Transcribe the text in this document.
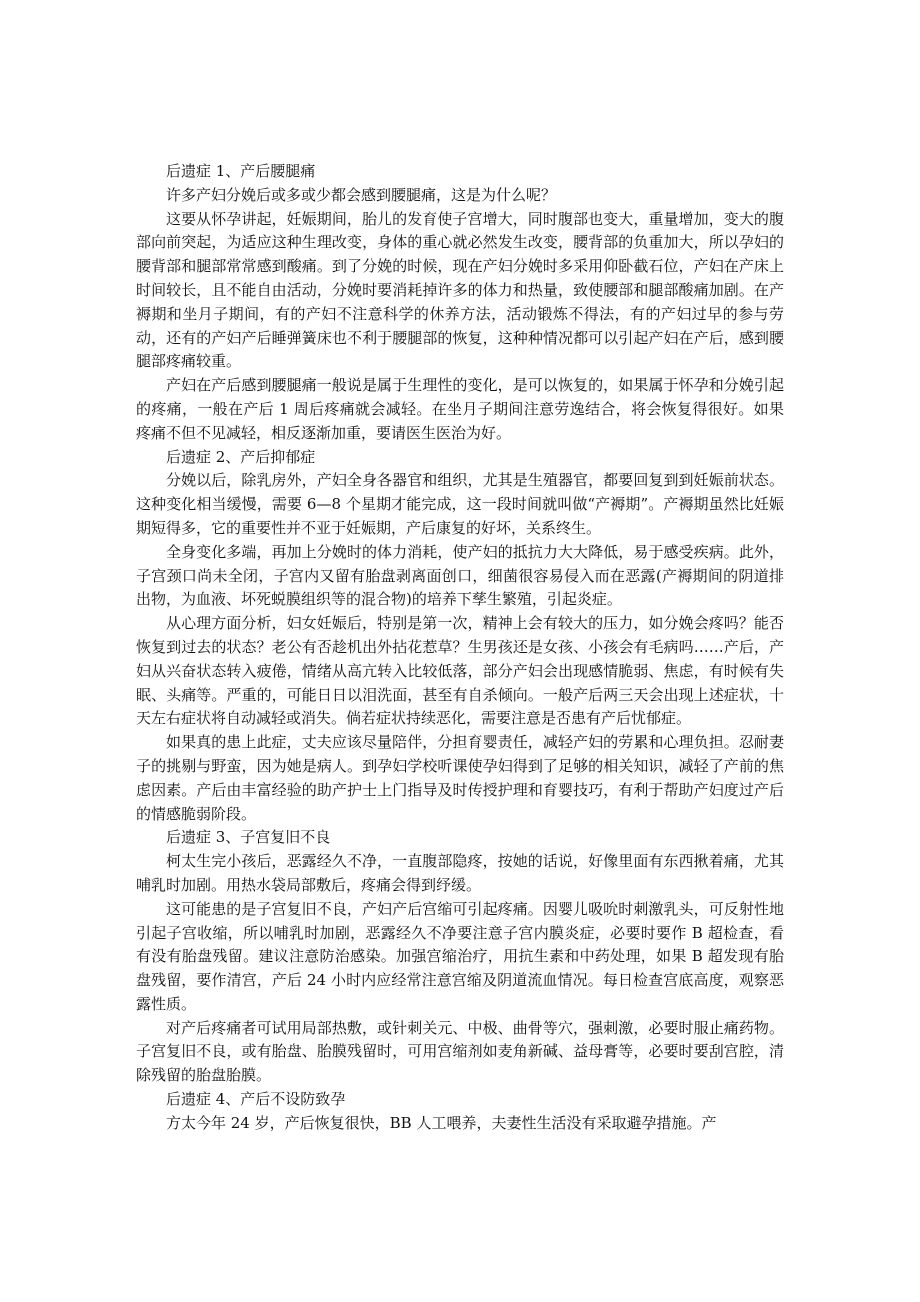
后遗症 1、产后腰腿痛

许多产妇分娩后或多或少都会感到腰腿痛，这是为什么呢？

这要从怀孕讲起，妊娠期间，胎儿的发育使子宫增大，同时腹部也变大，重量增加，变大的腹部向前突起，为适应这种生理改变，身体的重心就必然发生改变，腰背部的负重加大，所以孕妇的腰背部和腿部常常感到酸痛。到了分娩的时候，现在产妇分娩时多采用仰卧截石位，产妇在产床上时间较长，且不能自由活动，分娩时要消耗掉许多的体力和热量，致使腰部和腿部酸痛加剧。在产褥期和坐月子期间，有的产妇不注意科学的休养方法，活动锻炼不得法，有的产妇过早的参与劳动，还有的产妇产后睡弹簧床也不利于腰腿部的恢复，这种种情况都可以引起产妇在产后，感到腰腿部疼痛较重。

产妇在产后感到腰腿痛一般说是属于生理性的变化，是可以恢复的，如果属于怀孕和分娩引起的疼痛，一般在产后 1 周后疼痛就会减轻。在坐月子期间注意劳逸结合，将会恢复得很好。如果疼痛不但不见减轻，相反逐渐加重，要请医生医治为好。

后遗症 2、产后抑郁症

分娩以后，除乳房外，产妇全身各器官和组织，尤其是生殖器官，都要回复到到妊娠前状态。这种变化相当缓慢，需要 6—8 个星期才能完成，这一段时间就叫做“产褥期”。产褥期虽然比妊娠期短得多，它的重要性并不亚于妊娠期，产后康复的好坏，关系终生。

全身变化多端，再加上分娩时的体力消耗，使产妇的抵抗力大大降低，易于感受疾病。此外，子宫颈口尚未全闭，子宫内又留有胎盘剥离面创口，细菌很容易侵入而在恶露(产褥期间的阴道排出物，为血液、坏死蜕膜组织等的混合物)的培养下孳生繁殖，引起炎症。

从心理方面分析，妇女妊娠后，特别是第一次，精神上会有较大的压力，如分娩会疼吗？能否恢复到过去的状态？老公有否趁机出外拈花惹草？生男孩还是女孩、小孩会有毛病吗……产后，产妇从兴奋状态转入疲倦，情绪从高亢转入比较低落，部分产妇会出现感情脆弱、焦虑，有时候有失眠、头痛等。严重的，可能日日以泪洗面，甚至有自杀倾向。一般产后两三天会出现上述症状，十天左右症状将自动减轻或消失。倘若症状持续恶化，需要注意是否患有产后忧郁症。

如果真的患上此症，丈夫应该尽量陪伴，分担育婴责任，减轻产妇的劳累和心理负担。忍耐妻子的挑剔与野蛮，因为她是病人。到孕妇学校听课使孕妇得到了足够的相关知识，减轻了产前的焦虑因素。产后由丰富经验的助产护士上门指导及时传授护理和育婴技巧，有利于帮助产妇度过产后的情感脆弱阶段。

后遗症 3、子宫复旧不良

柯太生完小孩后，恶露经久不净，一直腹部隐疼，按她的话说，好像里面有东西揪着痛，尤其哺乳时加剧。用热水袋局部敷后，疼痛会得到纾缓。

这可能患的是子宫复旧不良，产妇产后宫缩可引起疼痛。因婴儿吸吮时刺激乳头，可反射性地引起子宫收缩，所以哺乳时加剧，恶露经久不净要注意子宫内膜炎症，必要时要作 B 超检查，看有没有胎盘残留。建议注意防治感染。加强宫缩治疗，用抗生素和中药处理，如果 B 超发现有胎盘残留，要作清宫，产后 24 小时内应经常注意宫缩及阴道流血情况。每日检查宫底高度，观察恶露性质。

对产后疼痛者可试用局部热敷，或针刺关元、中极、曲骨等穴，强刺激，必要时服止痛药物。子宫复旧不良，或有胎盘、胎膜残留时，可用宫缩剂如麦角新碱、益母膏等，必要时要刮宫腔，清除残留的胎盘胎膜。

后遗症 4、产后不设防致孕

方太今年 24 岁，产后恢复很快，BB 人工喂养，夫妻性生活没有采取避孕措施。产
